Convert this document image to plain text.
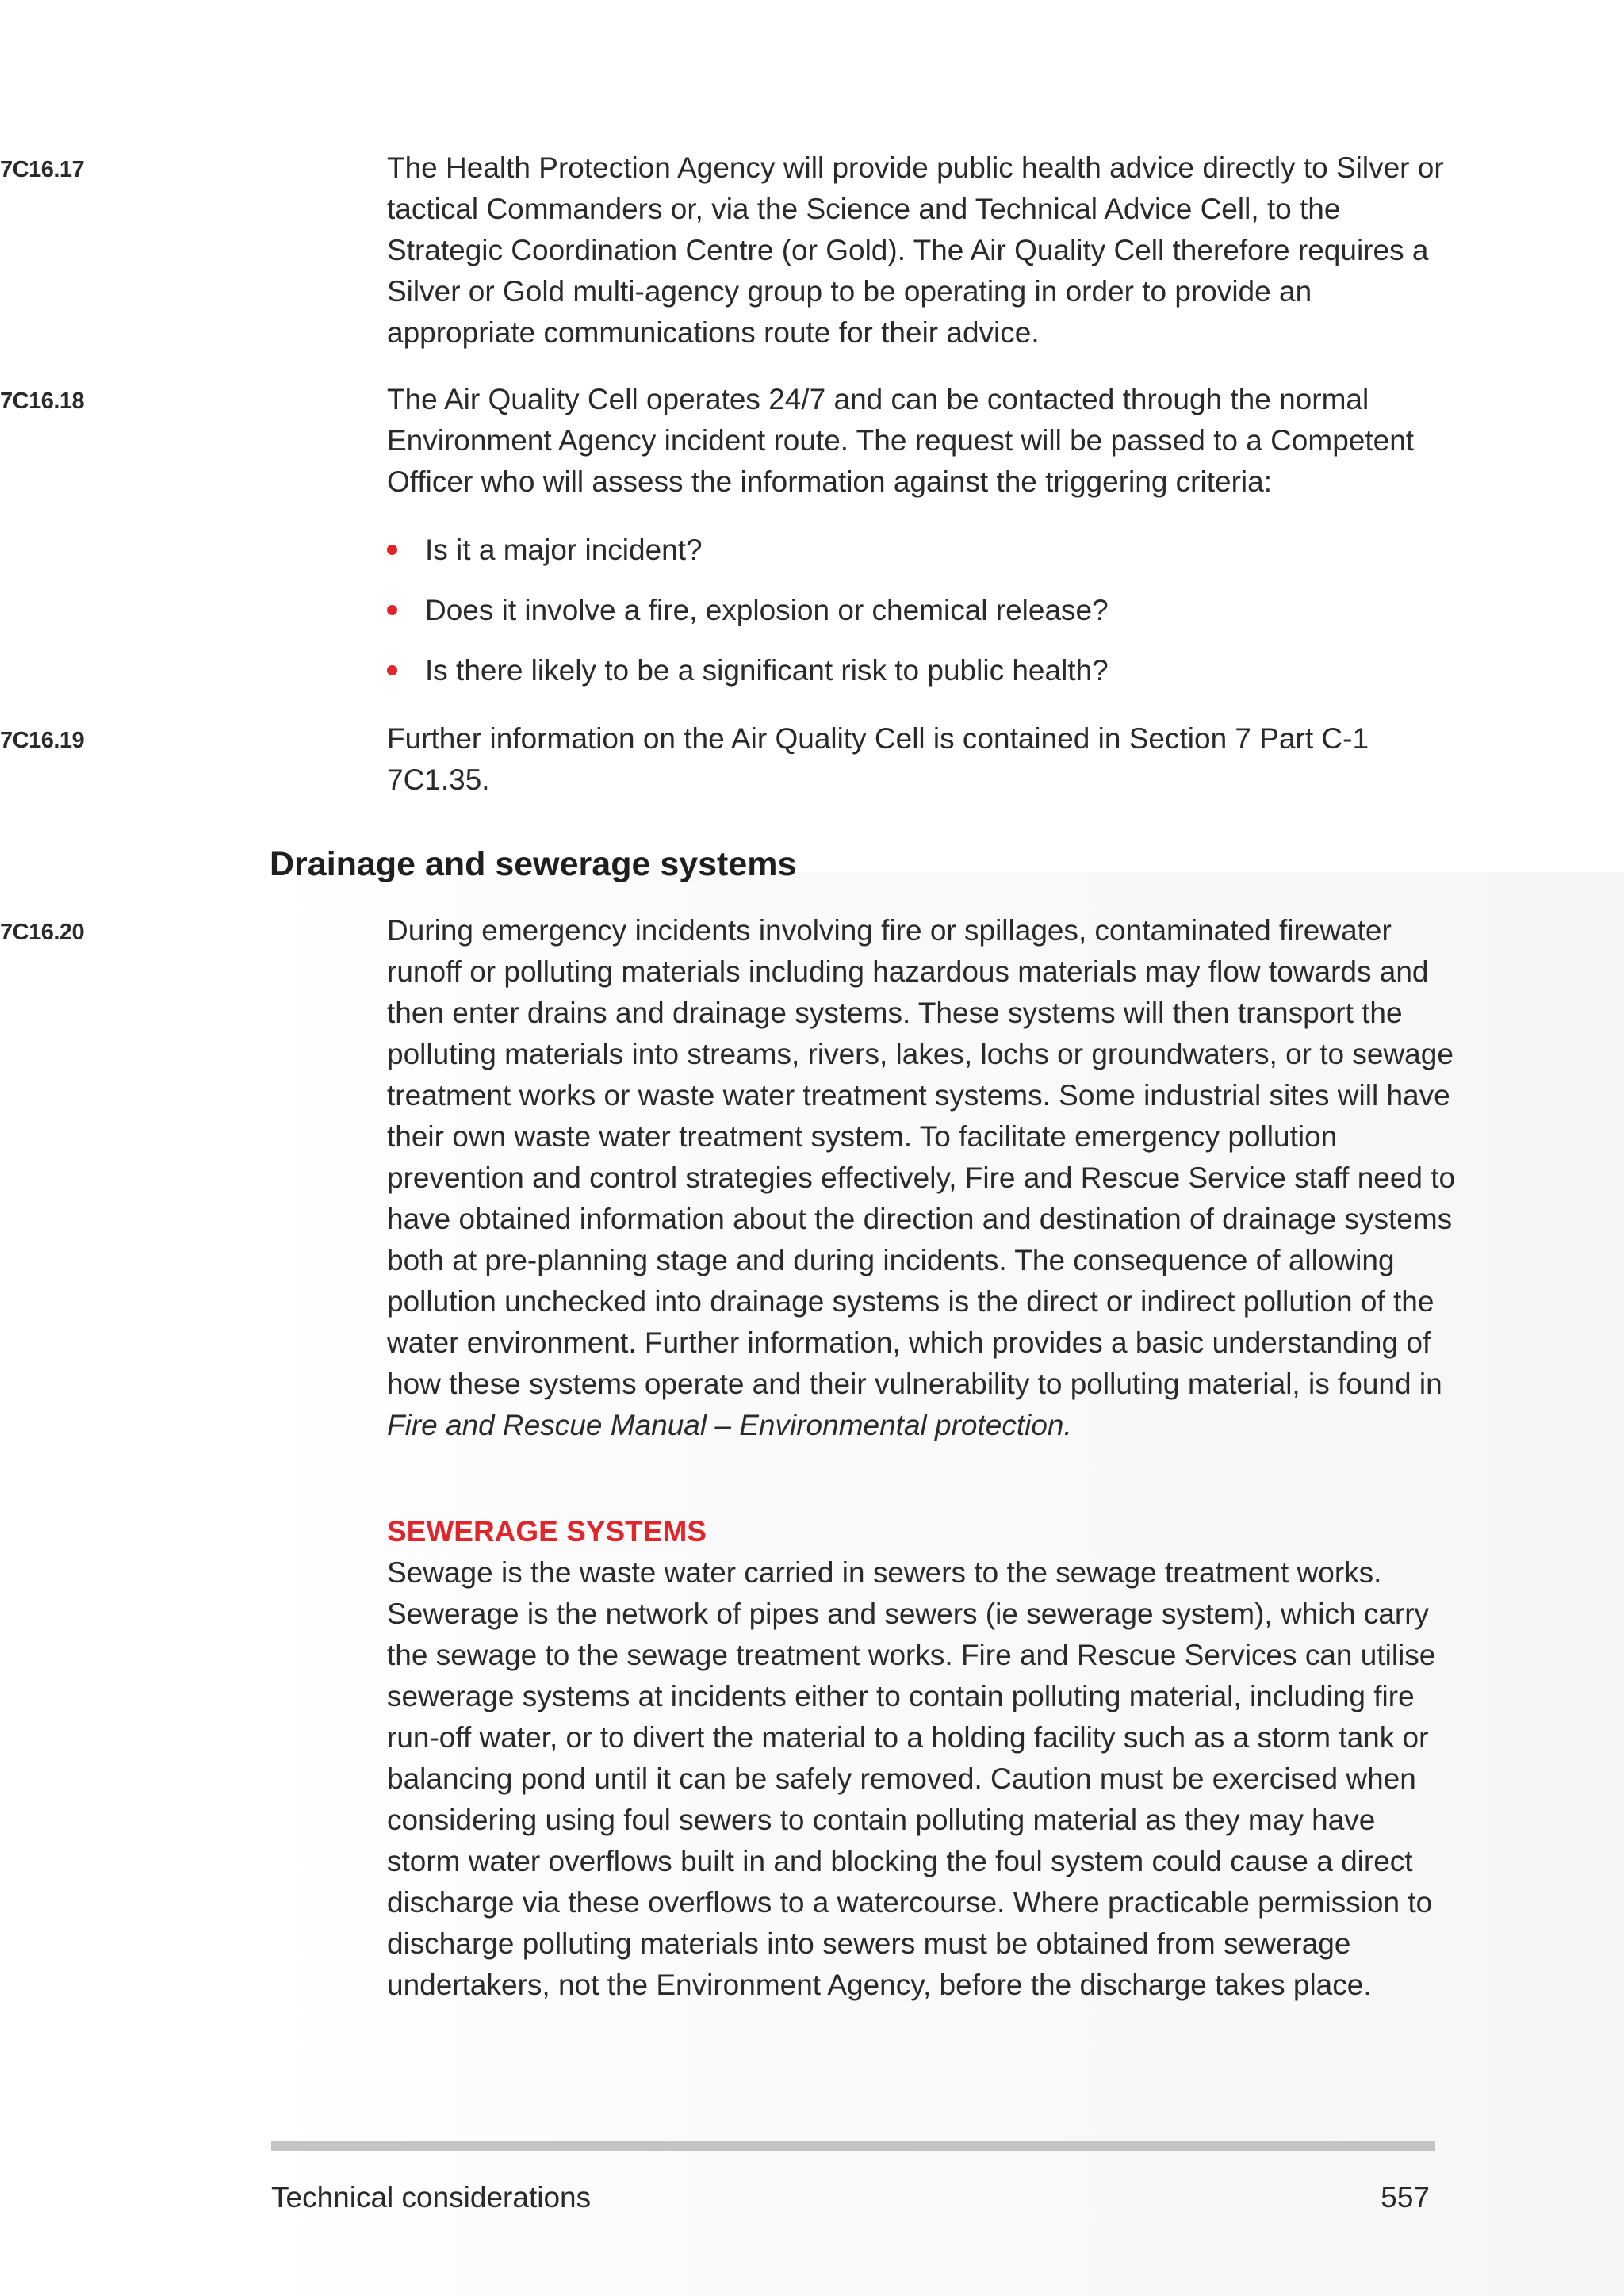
7C16.17	The Health Protection Agency will provide public health advice directly to Silver or tactical Commanders or, via the Science and Technical Advice Cell, to the Strategic Coordination Centre (or Gold). The Air Quality Cell therefore requires a Silver or Gold multi-agency group to be operating in order to provide an appropriate communications route for their advice.
7C16.18	The Air Quality Cell operates 24/7 and can be contacted through the normal Environment Agency incident route. The request will be passed to a Competent Officer who will assess the information against the triggering criteria:
Is it a major incident?
Does it involve a fire, explosion or chemical release?
Is there likely to be a significant risk to public health?
7C16.19	Further information on the Air Quality Cell is contained in Section 7 Part C-1 7C1.35.
Drainage and sewerage systems
7C16.20	During emergency incidents involving fire or spillages, contaminated firewater runoff or polluting materials including hazardous materials may flow towards and then enter drains and drainage systems. These systems will then transport the polluting materials into streams, rivers, lakes, lochs or groundwaters, or to sewage treatment works or waste water treatment systems. Some industrial sites will have their own waste water treatment system. To facilitate emergency pollution prevention and control strategies effectively, Fire and Rescue Service staff need to have obtained information about the direction and destination of drainage systems both at pre-planning stage and during incidents. The consequence of allowing pollution unchecked into drainage systems is the direct or indirect pollution of the water environment. Further information, which provides a basic understanding of how these systems operate and their vulnerability to polluting material, is found in Fire and Rescue Manual – Environmental protection.
SEWERAGE SYSTEMS
Sewage is the waste water carried in sewers to the sewage treatment works. Sewerage is the network of pipes and sewers (ie sewerage system), which carry the sewage to the sewage treatment works. Fire and Rescue Services can utilise sewerage systems at incidents either to contain polluting material, including fire run-off water, or to divert the material to a holding facility such as a storm tank or balancing pond until it can be safely removed. Caution must be exercised when considering using foul sewers to contain polluting material as they may have storm water overflows built in and blocking the foul system could cause a direct discharge via these overflows to a watercourse. Where practicable permission to discharge polluting materials into sewers must be obtained from sewerage undertakers, not the Environment Agency, before the discharge takes place.
Technical considerations	557
